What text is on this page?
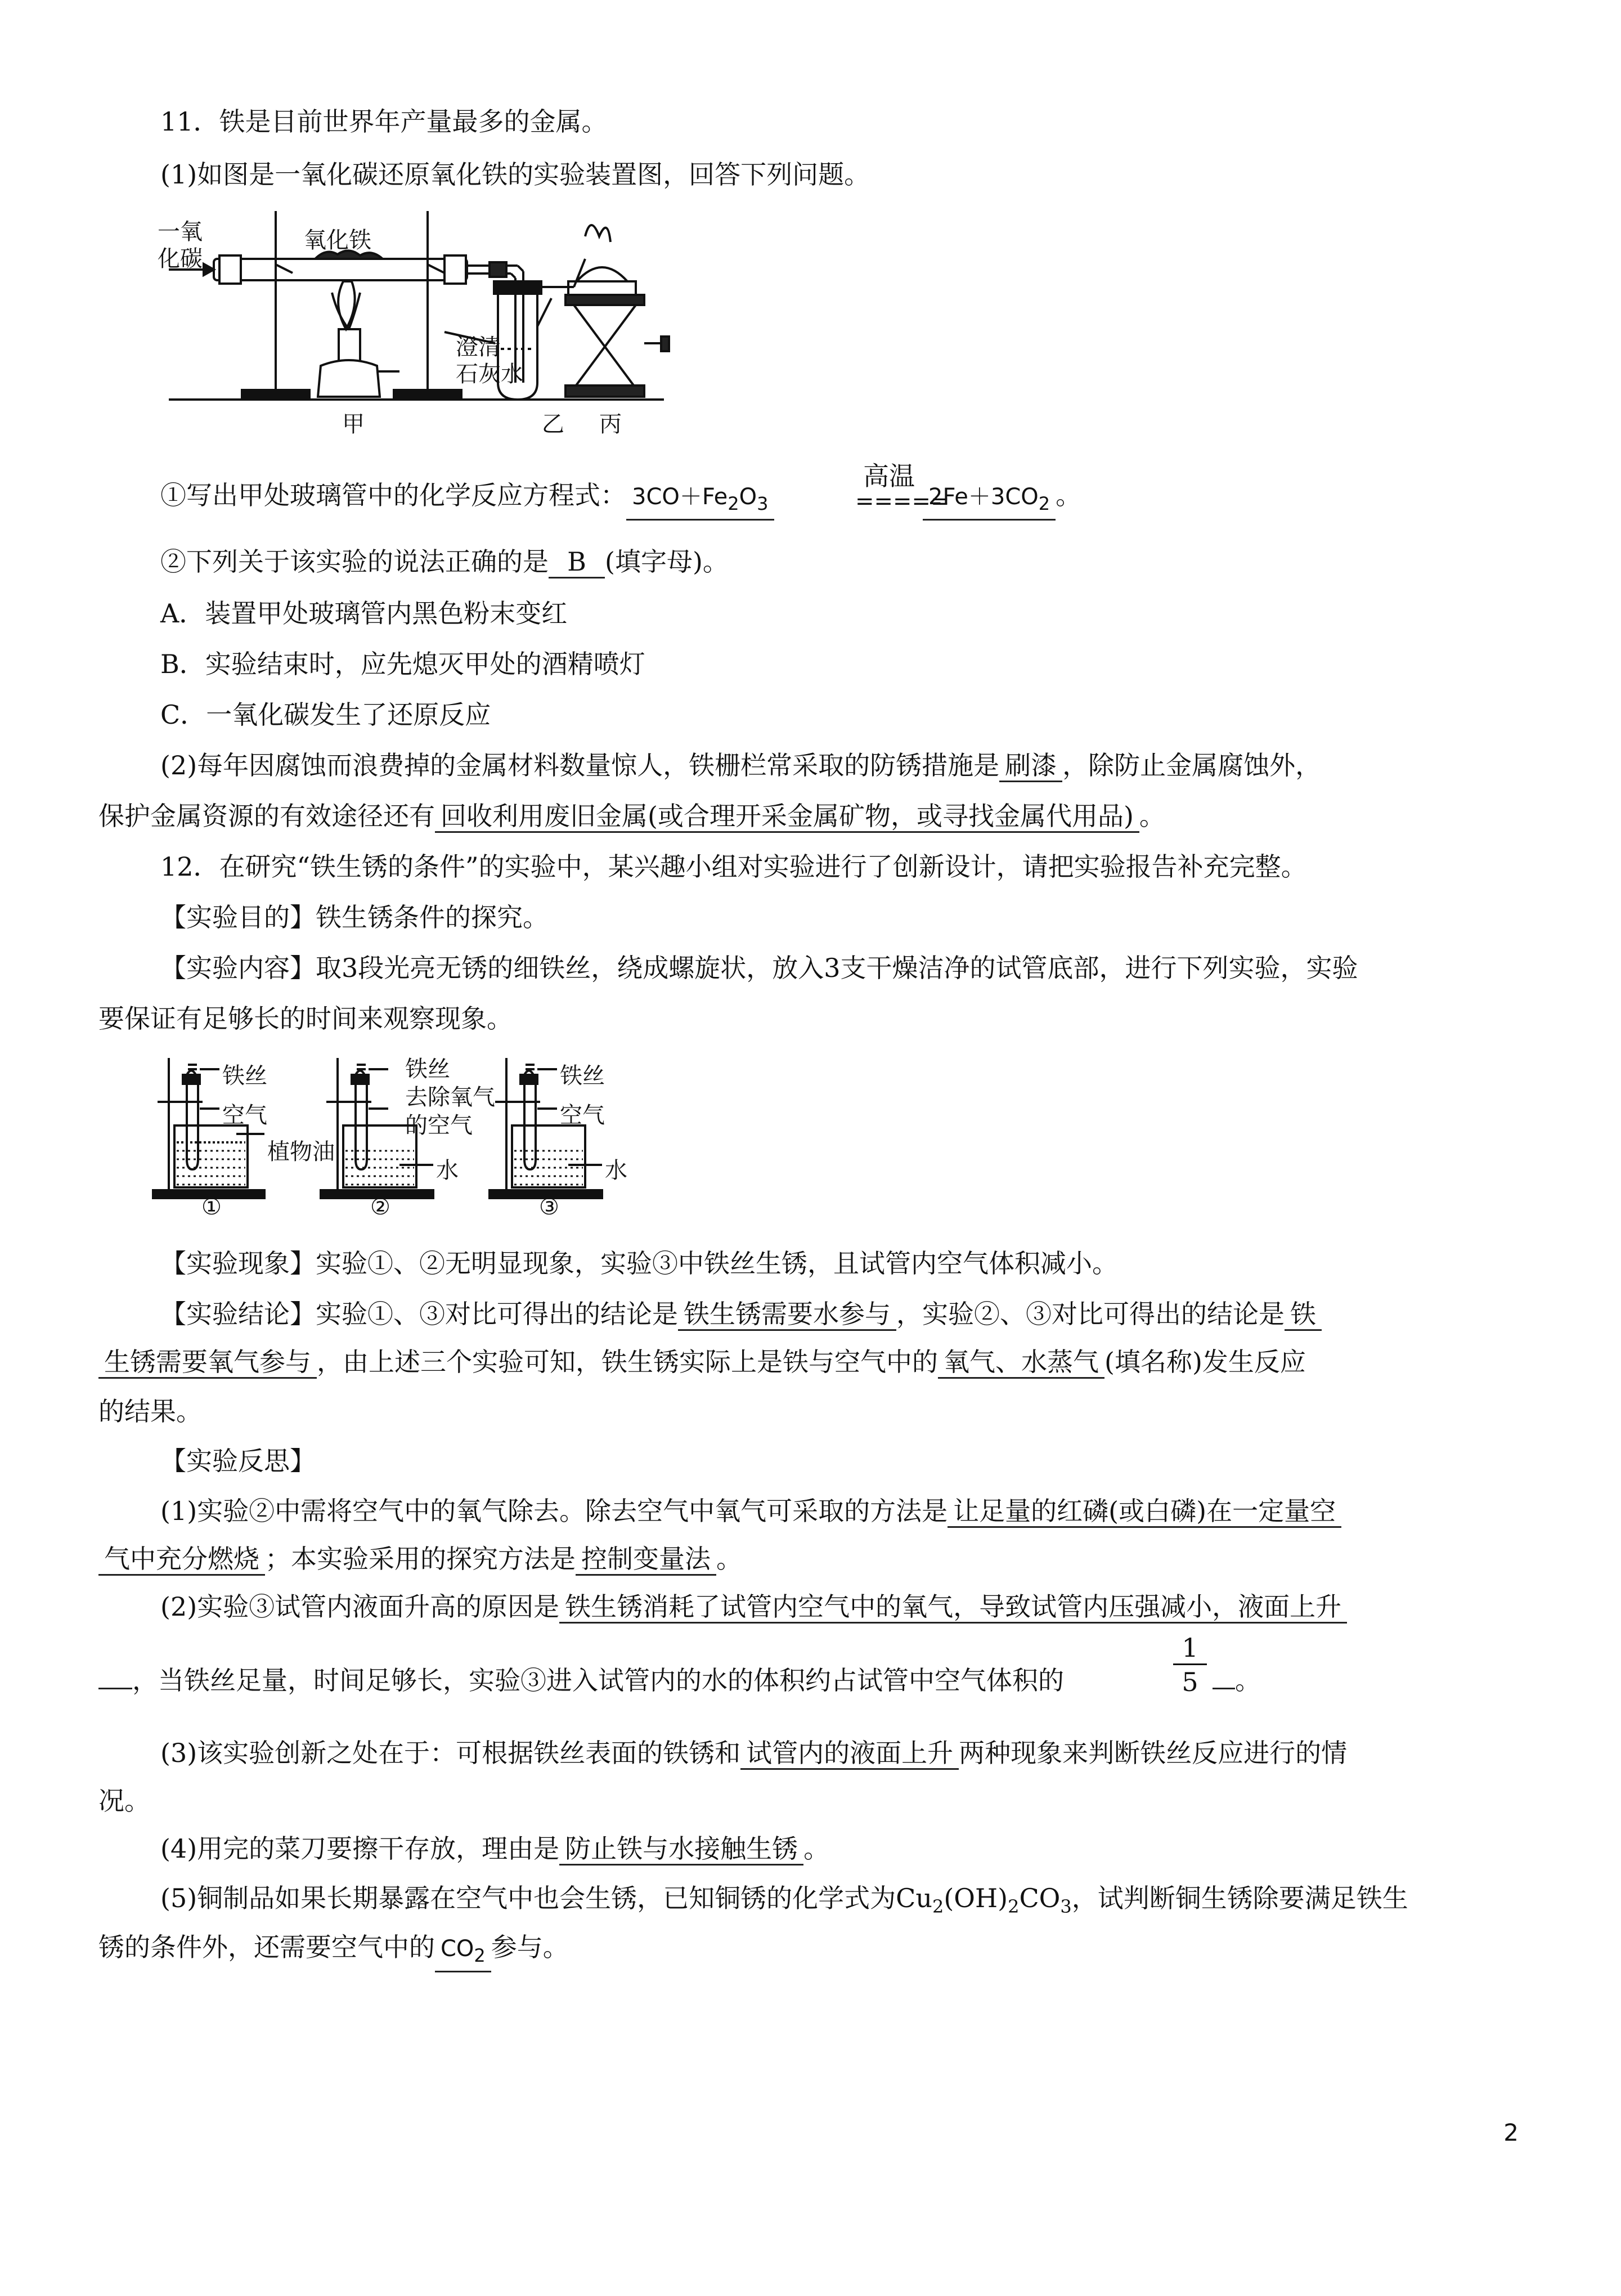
11．铁是目前世界年产量最多的金属。
(1)如图是一氧化碳还原氧化铁的实验装置图，回答下列问题。
一氧
化碳
氧化铁
澄清
石灰水
甲	乙 丙
①写出甲处玻璃管中的化学反应方程式： $3CO+Fe_2O_3$
高温
=====
$2Fe+3CO_2$ 。
②下列关于该实验的说法正确的是 B (填字母)。
A．装置甲处玻璃管内黑色粉末变红
B．实验结束时，应先熄灭甲处的酒精喷灯
C．一氧化碳发生了还原反应
(2)每年因腐蚀而浪费掉的金属材料数量惊人，铁栅栏常采取的防锈措施是 刷漆 ，除防止金属腐蚀外，
保护金属资源的有效途径还有 回收利用废旧金属(或合理开采金属矿物，或寻找金属代用品) 。
12．在研究“铁生锈的条件”的实验中，某兴趣小组对实验进行了创新设计，请把实验报告补充完整。
【实验目的】铁生锈条件的探究。
【实验内容】取3段光亮无锈的细铁丝，绕成螺旋状，放入3支干燥洁净的试管底部，进行下列实验，实验
要保证有足够长的时间来观察现象。
铁丝
空气
植物油
铁丝
去除氧气
的空气
水
铁丝
空气
水
①	②	③
【实验现象】实验①、②无明显现象，实验③中铁丝生锈，且试管内空气体积减小。
【实验结论】实验①、③对比可得出的结论是 铁生锈需要水参与 ，实验②、③对比可得出的结论是 铁
生锈需要氧气参与 ，由上述三个实验可知，铁生锈实际上是铁与空气中的 氧气、水蒸气 (填名称)发生反应
的结果。
【实验反思】
(1)实验②中需将空气中的氧气除去。除去空气中氧气可采取的方法是 让足量的红磷(或白磷)在一定量空
气中充分燃烧 ；本实验采用的探究方法是 控制变量法 。
(2)实验③试管内液面升高的原因是 铁生锈消耗了试管内空气中的氧气，导致试管内压强减小，液面上升
，当铁丝足量，时间足够长，实验③进入试管内的水的体积约占试管中空气体积的	$\frac{1}{5}$	。
(3)该实验创新之处在于：可根据铁丝表面的铁锈和 试管内的液面上升 两种现象来判断铁丝反应进行的情
况。
(4)用完的菜刀要擦干存放，理由是 防止铁与水接触生锈 。
(5)铜制品如果长期暴露在空气中也会生锈，已知铜锈的化学式为$Cu_2(OH)_2CO_3$，试判断铜生锈除要满足铁生
锈的条件外，还需要空气中的 $CO_2$ 参与。
2
